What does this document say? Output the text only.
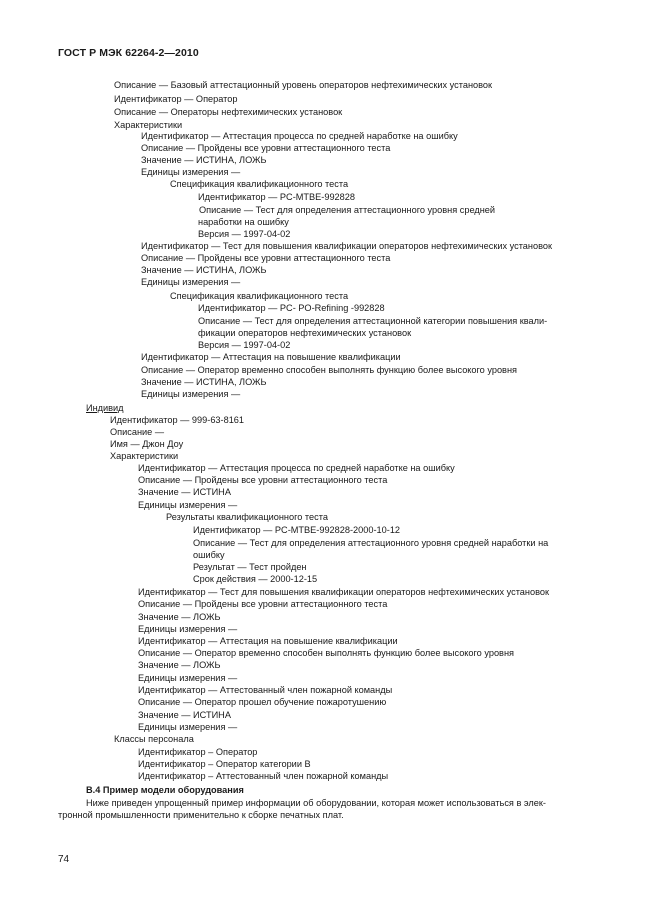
ГОСТ Р МЭК 62264-2—2010
Описание — Базовый аттестационный уровень операторов нефтехимических установок
Идентификатор — Оператор
Описание — Операторы нефтехимических установок
Характеристики
Идентификатор — Аттестация процесса по средней наработке на ошибку
Описание — Пройдены все уровни аттестационного теста
Значение — ИСТИНА, ЛОЖЬ
Единицы измерения —
Спецификация квалификационного теста
Идентификатор — PC-MTBE-992828
Описание — Тест для определения аттестационного уровня средней
наработки на ошибку
Версия — 1997-04-02
Идентификатор — Тест для повышения квалификации операторов нефтехимических установок
Описание — Пройдены все уровни аттестационного теста
Значение — ИСТИНА, ЛОЖЬ
Единицы измерения —
Спецификация квалификационного теста
Идентификатор — PC- PO-Refining -992828
Описание — Тест для определения аттестационной категории повышения квали-
фикации операторов нефтехимических установок
Версия — 1997-04-02
Идентификатор — Аттестация на повышение квалификации
Описание — Оператор временно способен выполнять функцию более высокого уровня
Значение — ИСТИНА, ЛОЖЬ
Единицы измерения —
Индивид
Идентификатор — 999-63-8161
Описание —
Имя — Джон Доу
Характеристики
Идентификатор — Аттестация процесса по средней наработке на ошибку
Описание — Пройдены все уровни аттестационного теста
Значение — ИСТИНА
Единицы измерения —
Результаты квалификационного теста
Идентификатор — PC-MTBE-992828-2000-10-12
Описание — Тест для определения аттестационного уровня средней наработки на
ошибку
Результат — Тест пройден
Срок действия — 2000-12-15
Идентификатор — Тест для повышения квалификации операторов нефтехимических установок
Описание — Пройдены все уровни аттестационного теста
Значение — ЛОЖЬ
Единицы измерения —
Идентификатор — Аттестация на повышение квалификации
Описание — Оператор временно способен выполнять функцию более высокого уровня
Значение — ЛОЖЬ
Единицы измерения —
Идентификатор — Аттестованный член пожарной команды
Описание — Оператор прошел обучение пожаротушению
Значение — ИСТИНА
Единицы измерения —
Классы персонала
Идентификатор – Оператор
Идентификатор – Оператор категории B
Идентификатор – Аттестованный член пожарной команды
B.4 Пример модели оборудования
Ниже приведен упрощенный пример информации об оборудовании, которая может использоваться в элек-
тронной промышленности применительно к сборке печатных плат.
74
